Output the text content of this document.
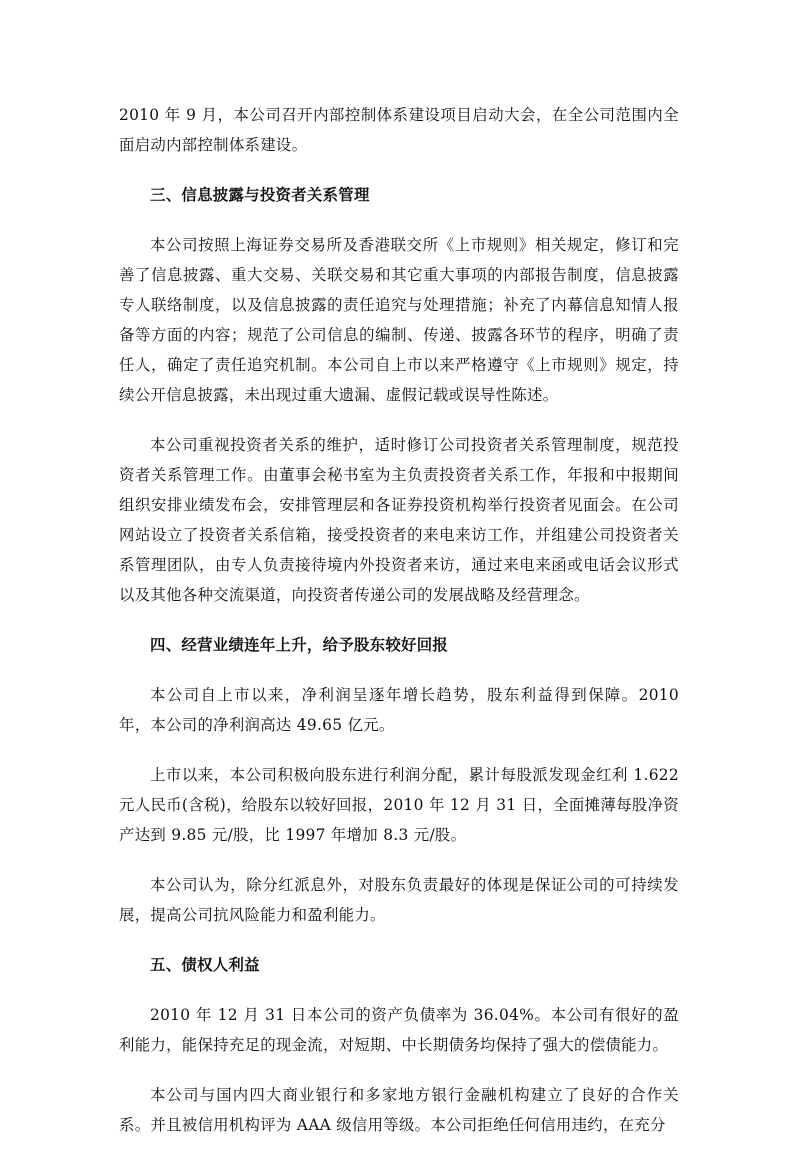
2010 年 9 月，本公司召开内部控制体系建设项目启动大会，在全公司范围内全面启动内部控制体系建设。

三、信息披露与投资者关系管理

本公司按照上海证券交易所及香港联交所《上市规则》相关规定，修订和完善了信息披露、重大交易、关联交易和其它重大事项的内部报告制度，信息披露专人联络制度，以及信息披露的责任追究与处理措施；补充了内幕信息知情人报备等方面的内容；规范了公司信息的编制、传递、披露各环节的程序，明确了责任人，确定了责任追究机制。本公司自上市以来严格遵守《上市规则》规定，持续公开信息披露，未出现过重大遗漏、虚假记载或误导性陈述。

本公司重视投资者关系的维护，适时修订公司投资者关系管理制度，规范投资者关系管理工作。由董事会秘书室为主负责投资者关系工作，年报和中报期间组织安排业绩发布会，安排管理层和各证券投资机构举行投资者见面会。在公司网站设立了投资者关系信箱，接受投资者的来电来访工作，并组建公司投资者关系管理团队，由专人负责接待境内外投资者来访，通过来电来函或电话会议形式以及其他各种交流渠道，向投资者传递公司的发展战略及经营理念。

四、经营业绩连年上升，给予股东较好回报

本公司自上市以来，净利润呈逐年增长趋势，股东利益得到保障。2010 年，本公司的净利润高达 49.65 亿元。

上市以来，本公司积极向股东进行利润分配，累计每股派发现金红利 1.622 元人民币(含税)，给股东以较好回报，2010 年 12 月 31 日，全面摊薄每股净资产达到 9.85 元/股，比 1997 年增加 8.3 元/股。

本公司认为，除分红派息外，对股东负责最好的体现是保证公司的可持续发展，提高公司抗风险能力和盈利能力。

五、债权人利益

2010 年 12 月 31 日本公司的资产负债率为 36.04%。本公司有很好的盈利能力，能保持充足的现金流，对短期、中长期债务均保持了强大的偿债能力。

本公司与国内四大商业银行和多家地方银行金融机构建立了良好的合作关系。并且被信用机构评为 AAA 级信用等级。本公司拒绝任何信用违约，在充分
